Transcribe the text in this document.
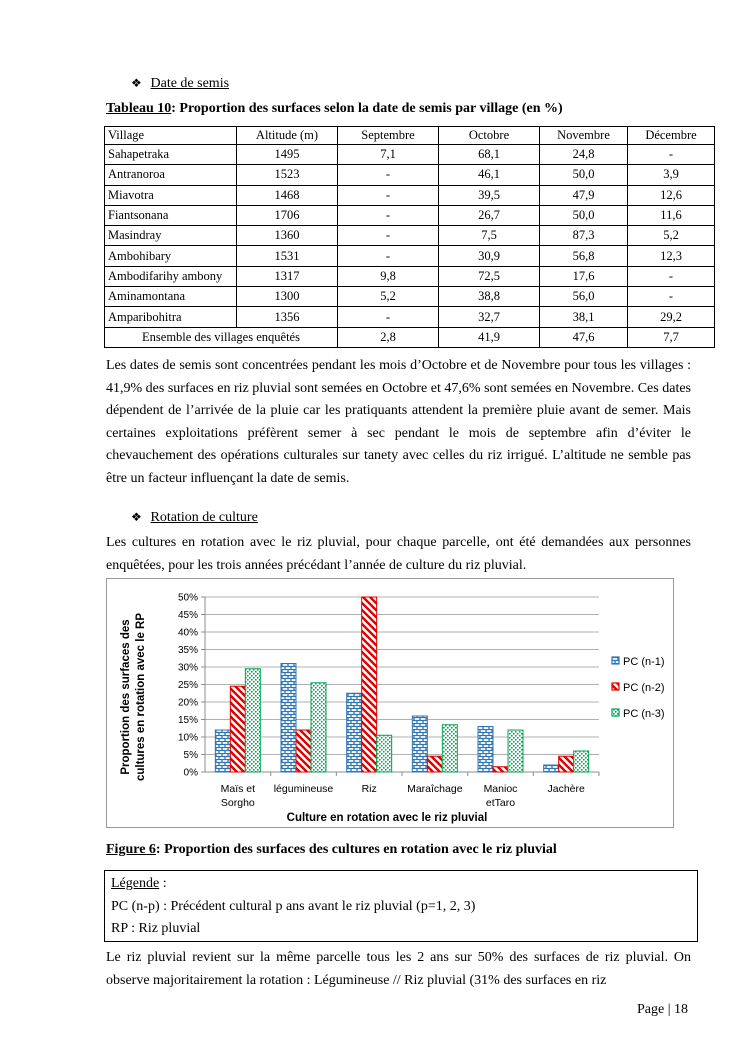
❖ Date de semis
Tableau 10: Proportion des surfaces selon la date de semis par village (en %)
Village	Altitude (m)	Septembre	Octobre	Novembre	Décembre
Sahapetraka	1495	7,1	68,1	24,8	-
Antranoroa	1523	-	46,1	50,0	3,9
Miavotra	1468	-	39,5	47,9	12,6
Fiantsonana	1706	-	26,7	50,0	11,6
Masindray	1360	-	7,5	87,3	5,2
Ambohibary	1531	-	30,9	56,8	12,3
Ambodifarihy ambony	1317	9,8	72,5	17,6	-
Aminamontana	1300	5,2	38,8	56,0	-
Amparibohitra	1356	-	32,7	38,1	29,2
Ensemble des villages enquêtés		2,8	41,9	47,6	7,7

Les dates de semis sont concentrées pendant les mois d’Octobre et de Novembre pour tous les villages : 41,9% des surfaces en riz pluvial sont semées en Octobre et 47,6% sont semées en Novembre. Ces dates dépendent de l’arrivée de la pluie car les pratiquants attendent la première pluie avant de semer. Mais certaines exploitations préfèrent semer à sec pendant le mois de septembre afin d’éviter le chevauchement des opérations culturales sur tanety avec celles du riz irrigué. L’altitude ne semble pas être un facteur influençant la date de semis.

❖ Rotation de culture

Les cultures en rotation avec le riz pluvial, pour chaque parcelle, ont été demandées aux personnes enquêtées, pour les trois années précédant l’année de culture du riz pluvial.

0%
5%
10%
15%
20%
25%
30%
35%
40%
45%
50%
Maïs et
Sorgho
légumineuse	Riz	Maraîchage Manioc
etTaro
Jachère
Proportion des surfaces des cultures en rotation avec le RP
Culture en rotation avec le riz pluvial
PC (n-1)
PC (n-2)
PC (n-3)
Figure 6: Proportion des surfaces des cultures en rotation avec le riz pluvial
Légende :
PC (n-p) : Précédent cultural p ans avant le riz pluvial (p=1, 2, 3)
RP : Riz pluvial

Le riz pluvial revient sur la même parcelle tous les 2 ans sur 50% des surfaces de riz pluvial. On observe majoritairement la rotation : Légumineuse // Riz pluvial (31% des surfaces en riz

Page | 18
